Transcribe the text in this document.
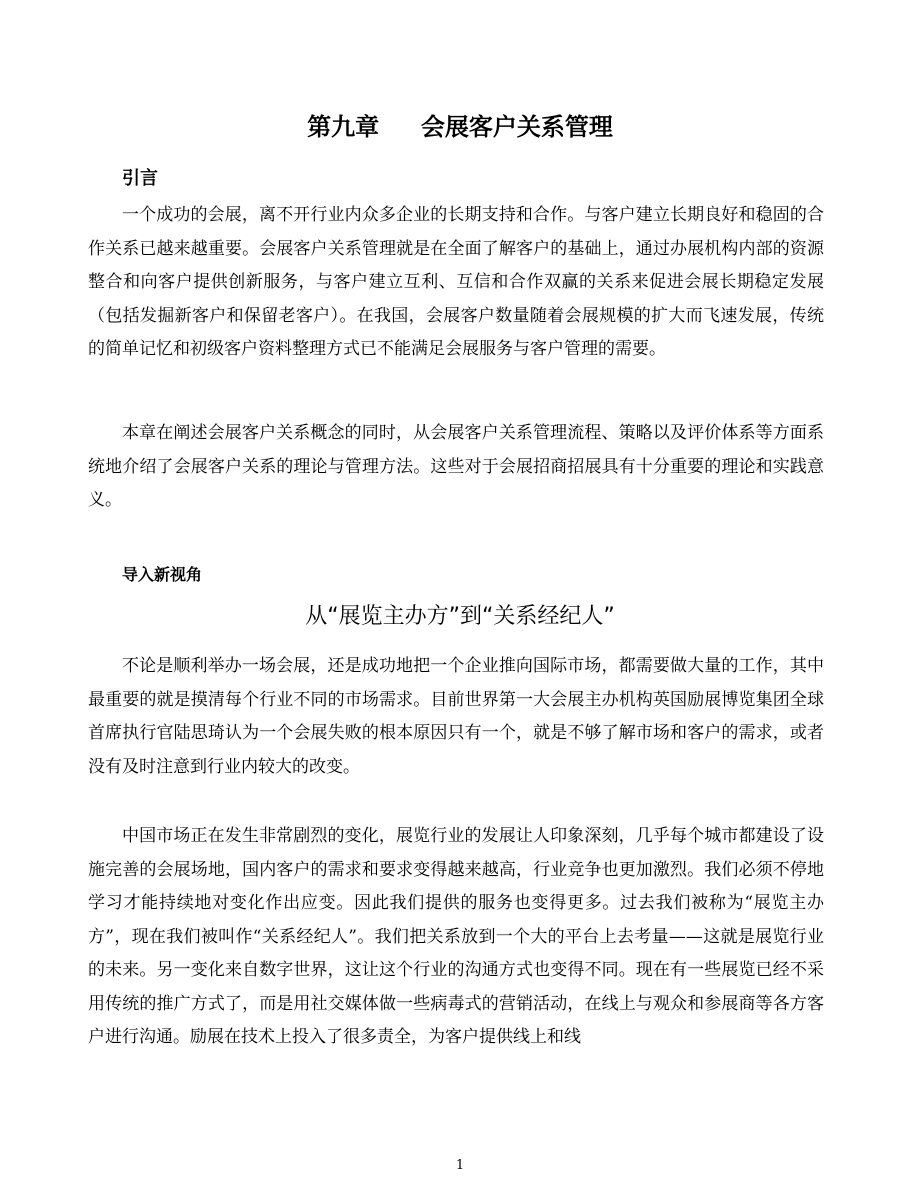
第九章     会展客户关系管理
引言

一个成功的会展，离不开行业内众多企业的长期支持和合作。与客户建立长期良好和稳固的合作关系已越来越重要。会展客户关系管理就是在全面了解客户的基础上，通过办展机构内部的资源整合和向客户提供创新服务，与客户建立互利、互信和合作双赢的关系来促进会展长期稳定发展（包括发掘新客户和保留老客户）。在我国，会展客户数量随着会展规模的扩大而飞速发展，传统的简单记忆和初级客户资料整理方式已不能满足会展服务与客户管理的需要。

本章在阐述会展客户关系概念的同时，从会展客户关系管理流程、策略以及评价体系等方面系统地介绍了会展客户关系的理论与管理方法。这些对于会展招商招展具有十分重要的理论和实践意义。

导入新视角
从“展览主办方”到“关系经纪人”

不论是顺利举办一场会展，还是成功地把一个企业推向国际市场，都需要做大量的工作，其中最重要的就是摸清每个行业不同的市场需求。目前世界第一大会展主办机构英国励展博览集团全球首席执行官陆思琦认为一个会展失败的根本原因只有一个，就是不够了解市场和客户的需求，或者没有及时注意到行业内较大的改变。

中国市场正在发生非常剧烈的变化，展览行业的发展让人印象深刻，几乎每个城市都建设了设施完善的会展场地，国内客户的需求和要求变得越来越高，行业竞争也更加激烈。我们必须不停地学习才能持续地对变化作出应变。因此我们提供的服务也变得更多。过去我们被称为“展览主办方”，现在我们被叫作“关系经纪人”。我们把关系放到一个大的平台上去考量——这就是展览行业的未来。另一变化来自数字世界，这让这个行业的沟通方式也变得不同。现在有一些展览已经不采用传统的推广方式了，而是用社交媒体做一些病毒式的营销活动，在线上与观众和参展商等各方客户进行沟通。励展在技术上投入了很多责全，为客户提供线上和线

1
